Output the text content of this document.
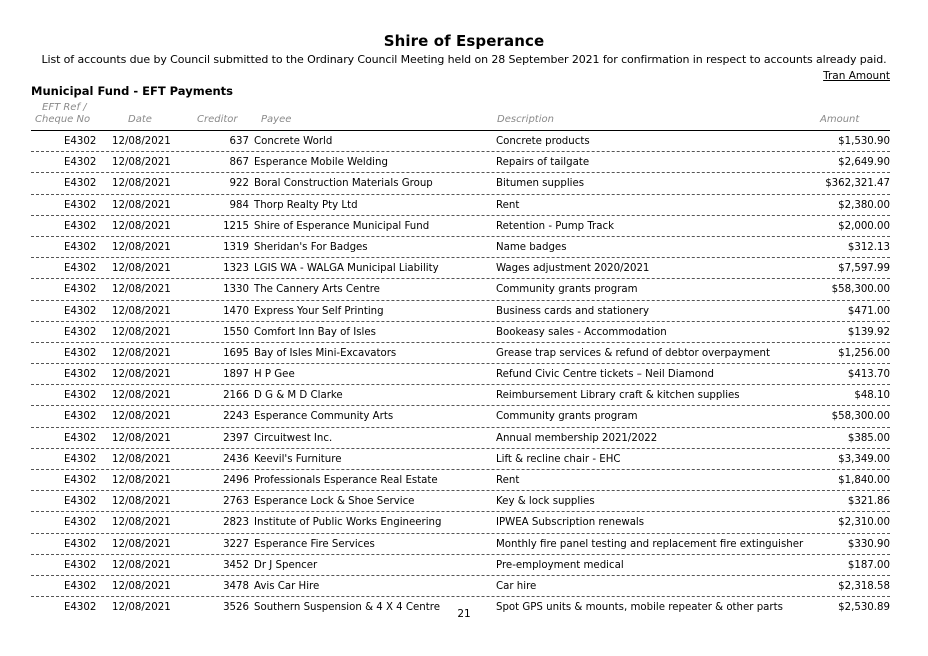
Shire of Esperance
List of accounts due by Council submitted to the Ordinary Council Meeting held on 28 September 2021 for confirmation in respect to accounts already paid.
Tran Amount
Municipal Fund - EFT Payments
EFT Ref /
Cheque No	Date	Creditor Payee	Description	Amount
E4302 12/08/2021	637 Concrete World	Concrete products	$1,530.90
E4302 12/08/2021	867 Esperance Mobile Welding	Repairs of tailgate	$2,649.90
E4302 12/08/2021	922 Boral Construction Materials Group	Bitumen supplies	$362,321.47
E4302 12/08/2021	984 Thorp Realty Pty Ltd	Rent	$2,380.00
E4302 12/08/2021	1215 Shire of Esperance Municipal Fund	Retention - Pump Track	$2,000.00
E4302 12/08/2021	1319 Sheridan's For Badges	Name badges	$312.13
E4302 12/08/2021	1323 LGIS WA - WALGA Municipal Liability	Wages adjustment 2020/2021	$7,597.99
E4302 12/08/2021	1330 The Cannery Arts Centre	Community grants program	$58,300.00
E4302 12/08/2021	1470 Express Your Self Printing	Business cards and stationery	$471.00
E4302 12/08/2021	1550 Comfort Inn Bay of Isles	Bookeasy sales - Accommodation	$139.92
E4302 12/08/2021	1695 Bay of Isles Mini-Excavators	Grease trap services & refund of debtor overpayment	$1,256.00
E4302 12/08/2021	1897 H P Gee	Refund Civic Centre tickets – Neil Diamond	$413.70
E4302 12/08/2021	2166 D G & M D Clarke	Reimbursement Library craft & kitchen supplies	$48.10
E4302 12/08/2021	2243 Esperance Community Arts	Community grants program	$58,300.00
E4302 12/08/2021	2397 Circuitwest Inc.	Annual membership 2021/2022	$385.00
E4302 12/08/2021	2436 Keevil's Furniture	Lift & recline chair - EHC	$3,349.00
E4302 12/08/2021	2496 Professionals Esperance Real Estate	Rent	$1,840.00
E4302 12/08/2021	2763 Esperance Lock & Shoe Service	Key & lock supplies	$321.86
E4302 12/08/2021	2823 Institute of Public Works Engineering	IPWEA Subscription renewals	$2,310.00
E4302 12/08/2021	3227 Esperance Fire Services	Monthly fire panel testing and replacement fire extinguisher	$330.90
E4302 12/08/2021	3452 Dr J Spencer	Pre-employment medical	$187.00
E4302 12/08/2021	3478 Avis Car Hire	Car hire	$2,318.58
E4302 12/08/2021	3526 Southern Suspension & 4 X 4 Centre	Spot GPS units & mounts, mobile repeater & other parts	$2,530.89
21
